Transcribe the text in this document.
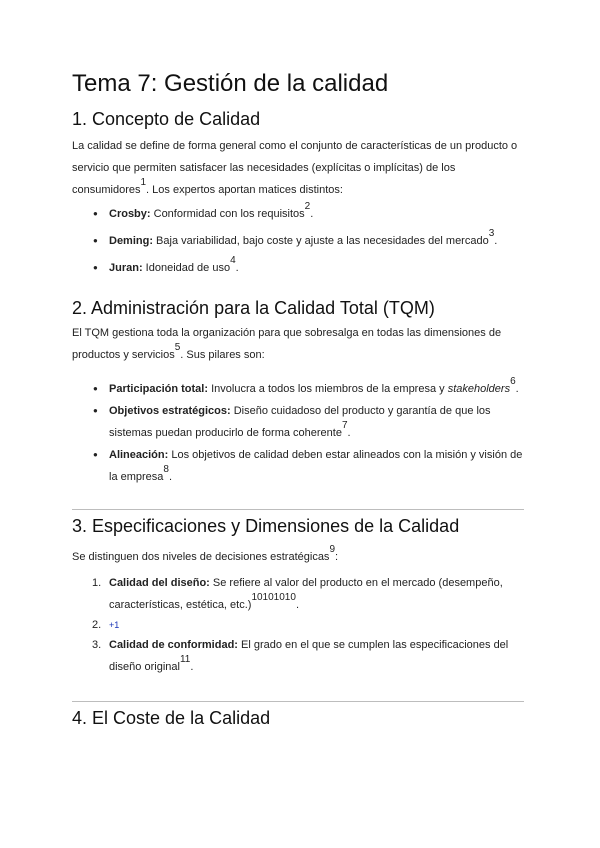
Tema 7: Gestión de la calidad
1. Concepto de Calidad

La calidad se define de forma general como el conjunto de características de un producto o servicio que permiten satisfacer las necesidades (explícitas o implícitas) de los consumidores$^1$. Los expertos aportan matices distintos:

● Crosby: Conformidad con los requisitos$^2$.
● Deming: Baja variabilidad, bajo coste y ajuste a las necesidades del mercado$^3$.
● Juran: Idoneidad de uso$^4$.
2. Administración para la Calidad Total (TQM)

El TQM gestiona toda la organización para que sobresalga en todas las dimensiones de productos y servicios$^5$. Sus pilares son:

● Participación total: Involucra a todos los miembros de la empresa y stakeholders$^6$.
● Objetivos estratégicos: Diseño cuidadoso del producto y garantía de que los sistemas puedan producirlo de forma coherente$^7$.
● Alineación: Los objetivos de calidad deben estar alineados con la misión y visión de la empresa$^8$.
3. Especificaciones y Dimensiones de la Calidad

Se distinguen dos niveles de decisiones estratégicas$^9$:

1. Calidad del diseño: Se refiere al valor del producto en el mercado (desempeño, características, estética, etc.)$^{10101010}$.
2. +1
3. Calidad de conformidad: El grado en el que se cumplen las especificaciones del diseño original$^{11}$.
4. El Coste de la Calidad
